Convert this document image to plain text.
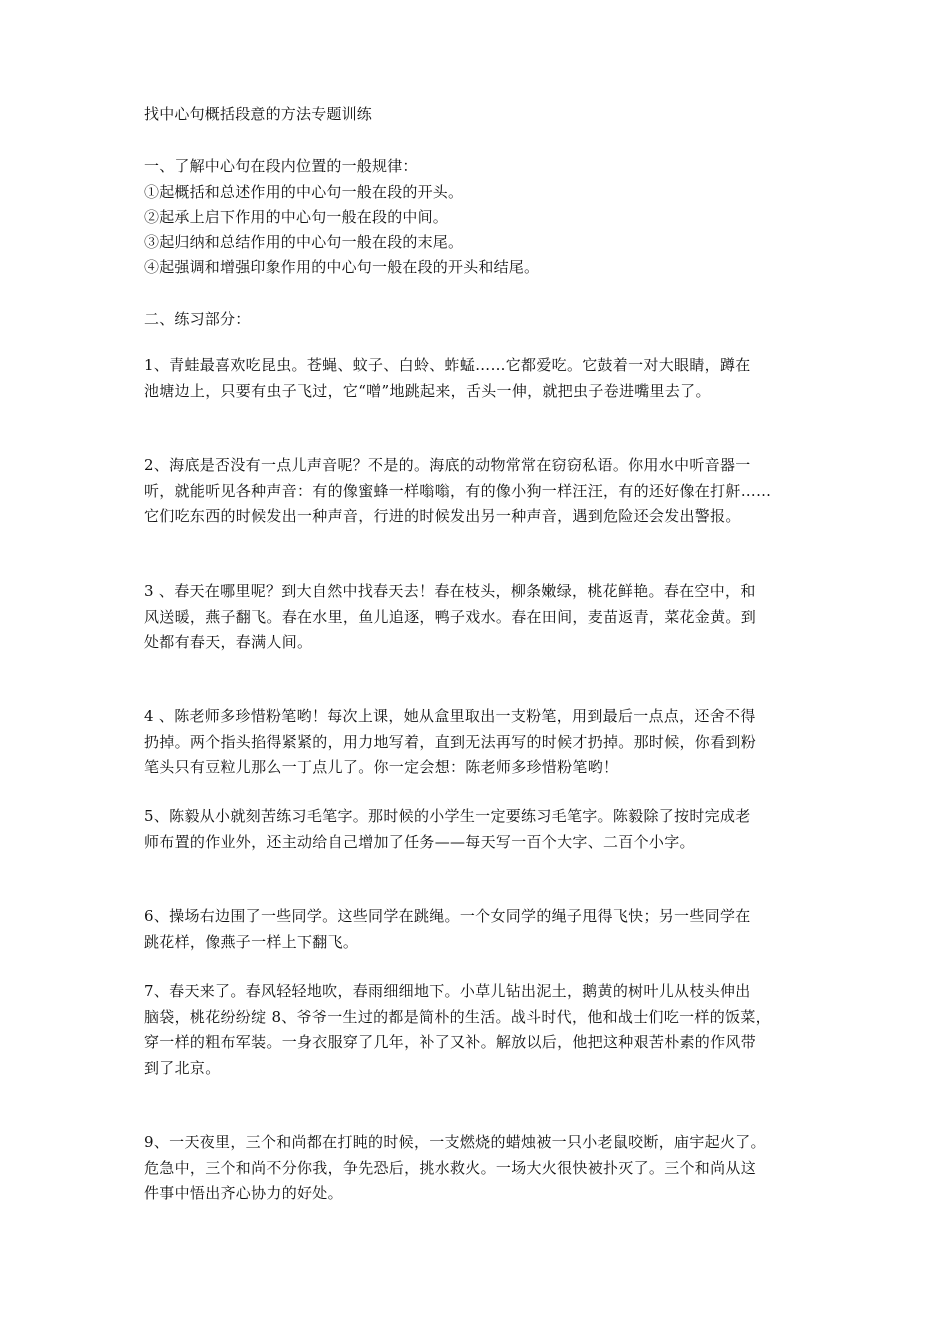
找中心句概括段意的方法专题训练
一、了解中心句在段内位置的一般规律：
①起概括和总述作用的中心句一般在段的开头。
②起承上启下作用的中心句一般在段的中间。
③起归纳和总结作用的中心句一般在段的末尾。
④起强调和增强印象作用的中心句一般在段的开头和结尾。
二、练习部分：
1、青蛙最喜欢吃昆虫。苍蝇、蚊子、白蛉、蚱蜢……它都爱吃。它鼓着一对大眼睛，蹲在
池塘边上，只要有虫子飞过，它“噌”地跳起来，舌头一伸，就把虫子卷进嘴里去了。
2、海底是否没有一点儿声音呢？不是的。海底的动物常常在窃窃私语。你用水中听音器一
听，就能听见各种声音：有的像蜜蜂一样嗡嗡，有的像小狗一样汪汪，有的还好像在打鼾……
它们吃东西的时候发出一种声音，行进的时候发出另一种声音，遇到危险还会发出警报。
3 、春天在哪里呢？到大自然中找春天去！春在枝头，柳条嫩绿，桃花鲜艳。春在空中，和
风送暖，燕子翻飞。春在水里，鱼儿追逐，鸭子戏水。春在田间，麦苗返青，菜花金黄。到
处都有春天，春满人间。
4 、陈老师多珍惜粉笔哟！每次上课，她从盒里取出一支粉笔，用到最后一点点，还舍不得
扔掉。两个指头掐得紧紧的，用力地写着，直到无法再写的时候才扔掉。那时候，你看到粉
笔头只有豆粒儿那么一丁点儿了。你一定会想：陈老师多珍惜粉笔哟！
5、陈毅从小就刻苦练习毛笔字。那时候的小学生一定要练习毛笔字。陈毅除了按时完成老
师布置的作业外，还主动给自己增加了任务——每天写一百个大字、二百个小字。
6、操场右边围了一些同学。这些同学在跳绳。一个女同学的绳子甩得飞快；另一些同学在
跳花样，像燕子一样上下翻飞。
7、春天来了。春风轻轻地吹，春雨细细地下。小草儿钻出泥土，鹅黄的树叶儿从枝头伸出
脑袋，桃花纷纷绽 8、爷爷一生过的都是简朴的生活。战斗时代，他和战士们吃一样的饭菜，
穿一样的粗布军装。一身衣服穿了几年，补了又补。解放以后，他把这种艰苦朴素的作风带
到了北京。
9、一天夜里，三个和尚都在打盹的时候，一支燃烧的蜡烛被一只小老鼠咬断，庙宇起火了。
危急中，三个和尚不分你我，争先恐后，挑水救火。一场大火很快被扑灭了。三个和尚从这
件事中悟出齐心协力的好处。
